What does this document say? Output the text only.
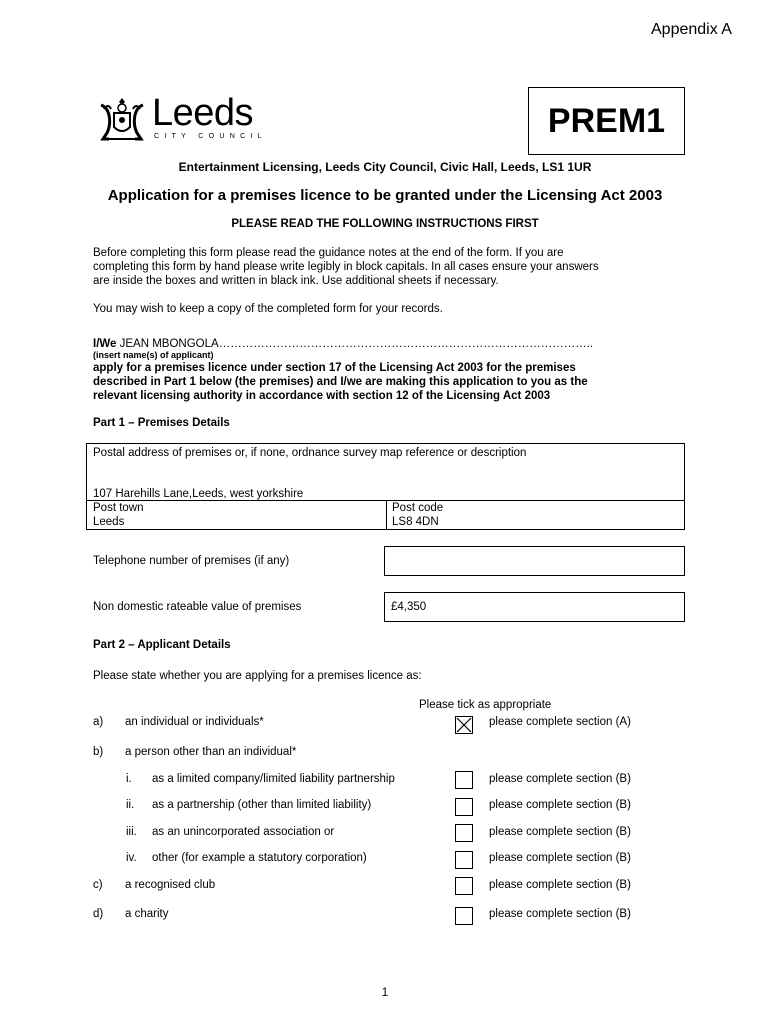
Appendix A
Leeds
CITY COUNCIL	PREM1
Entertainment Licensing, Leeds City Council, Civic Hall, Leeds, LS1 1UR
Application for a premises licence to be granted under the Licensing Act 2003
PLEASE READ THE FOLLOWING INSTRUCTIONS FIRST
Before completing this form please read the guidance notes at the end of the form. If you are
completing this form by hand please write legibly in block capitals. In all cases ensure your answers
are inside the boxes and written in black ink. Use additional sheets if necessary.
You may wish to keep a copy of the completed form for your records.
I/We JEAN MBONGOLA……………………………………………………………………………………..
(insert name(s) of applicant)
apply for a premises licence under section 17 of the Licensing Act 2003 for the premises
described in Part 1 below (the premises) and I/we are making this application to you as the
relevant licensing authority in accordance with section 12 of the Licensing Act 2003
Part 1 – Premises Details
Postal address of premises or, if none, ordnance survey map reference or description
107 Harehills Lane,Leeds, west yorkshire
Post town
Leeds
Post code
LS8 4DN
Telephone number of premises (if any)
Non domestic rateable value of premises	£4,350
Part 2 – Applicant Details
Please state whether you are applying for a premises licence as:
Please tick as appropriate
a) an individual or individuals*	please complete section (A)
b) a person other than an individual*
i. as a limited company/limited liability partnership	please complete section (B)
ii. as a partnership (other than limited liability)	please complete section (B)
iii. as an unincorporated association or	please complete section (B)
iv. other (for example a statutory corporation)	please complete section (B)
c) a recognised club	please complete section (B)
d) a charity	please complete section (B)
1
